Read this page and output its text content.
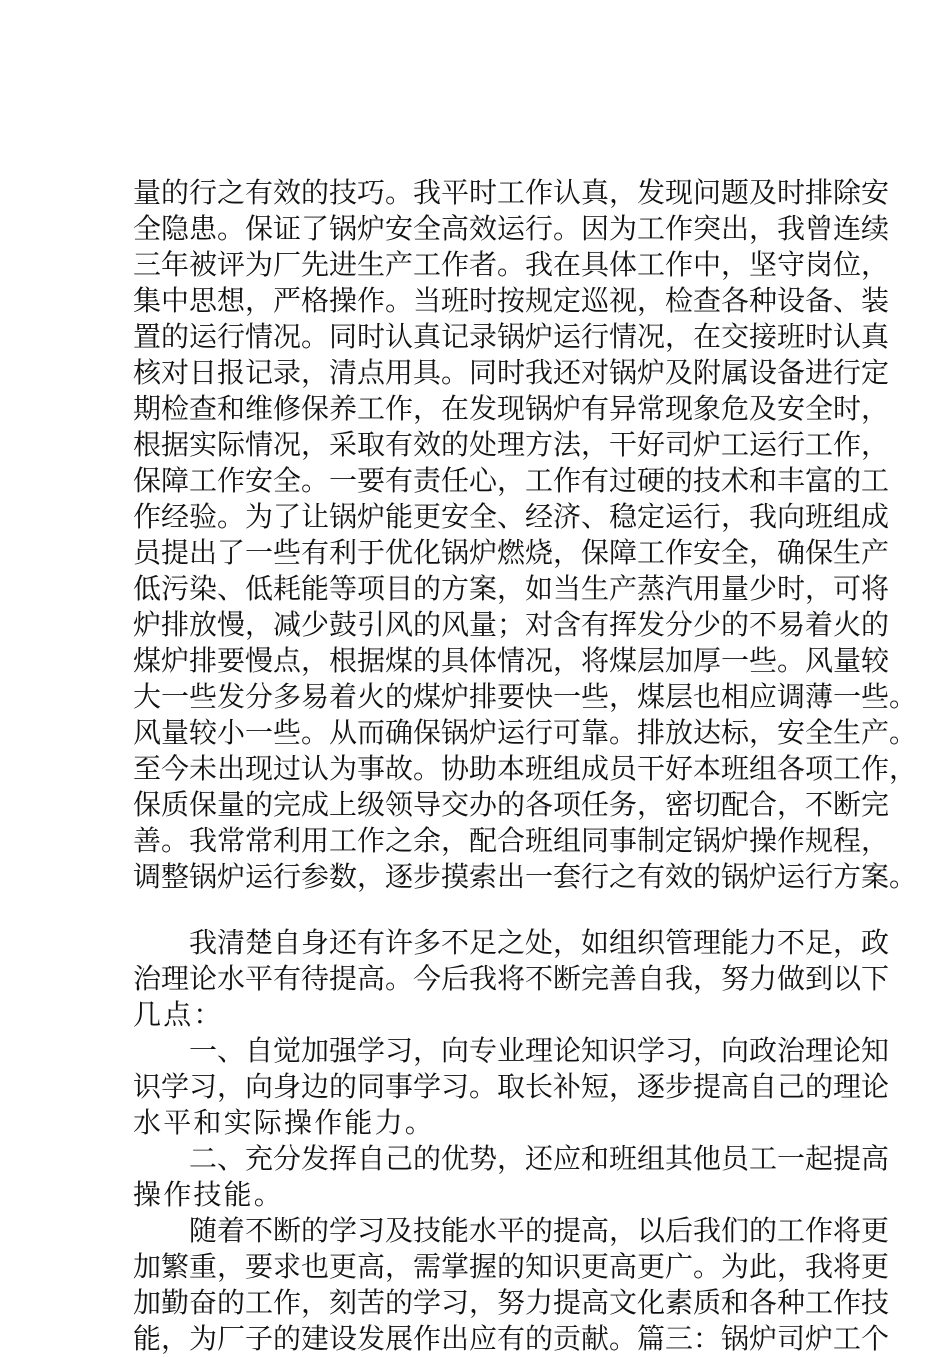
量的行之有效的技巧。我平时工作认真，发现问题及时排除安
全隐患。保证了锅炉安全高效运行。因为工作突出，我曾连续
三年被评为厂先进生产工作者。我在具体工作中，坚守岗位，
集中思想，严格操作。当班时按规定巡视，检查各种设备、装
置的运行情况。同时认真记录锅炉运行情况，在交接班时认真
核对日报记录，清点用具。同时我还对锅炉及附属设备进行定
期检查和维修保养工作，在发现锅炉有异常现象危及安全时，
根据实际情况，采取有效的处理方法，干好司炉工运行工作，
保障工作安全。一要有责任心，工作有过硬的技术和丰富的工
作经验。为了让锅炉能更安全、经济、稳定运行，我向班组成
员提出了一些有利于优化锅炉燃烧，保障工作安全，确保生产
低污染、低耗能等项目的方案，如当生产蒸汽用量少时，可将
炉排放慢，减少鼓引风的风量；对含有挥发分少的不易着火的
煤炉排要慢点，根据煤的具体情况，将煤层加厚一些。风量较
大一些发分多易着火的煤炉排要快一些，煤层也相应调薄一些。
风量较小一些。从而确保锅炉运行可靠。排放达标，安全生产。
至今未出现过认为事故。协助本班组成员干好本班组各项工作，
保质保量的完成上级领导交办的各项任务，密切配合，不断完
善。我常常利用工作之余，配合班组同事制定锅炉操作规程，
调整锅炉运行参数，逐步摸索出一套行之有效的锅炉运行方案。
　　我清楚自身还有许多不足之处，如组织管理能力不足，政
治理论水平有待提高。今后我将不断完善自我，努力做到以下
几点：
　　一、自觉加强学习，向专业理论知识学习，向政治理论知
识学习，向身边的同事学习。取长补短，逐步提高自己的理论
水平和实际操作能力。
　　二、充分发挥自己的优势，还应和班组其他员工一起提高
操作技能。
　　随着不断的学习及技能水平的提高，以后我们的工作将更
加繁重，要求也更高，需掌握的知识更高更广。为此，我将更
加勤奋的工作，刻苦的学习，努力提高文化素质和各种工作技
能，为厂子的建设发展作出应有的贡献。篇三：锅炉司炉工个
